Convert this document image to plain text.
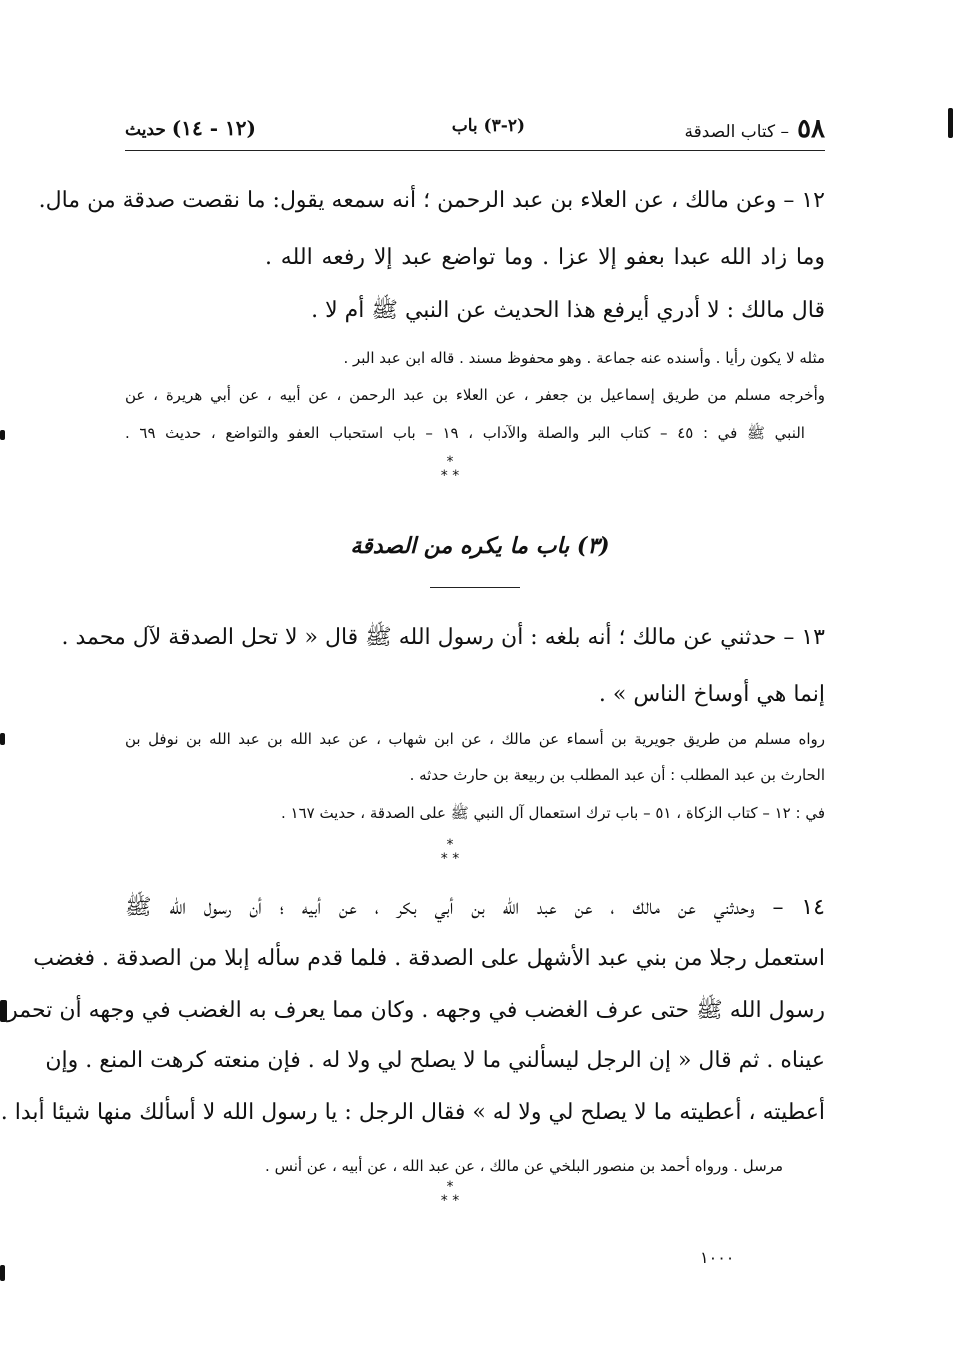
٥٨
– كتاب الصدقة
(٢-٣) باب
(١٢ - ١٤) حديث
١٢ – وعن مالك ، عن العلاء بن عبد الرحمن ؛ أنه سمعه يقول: ما نقصت صدقة من مال.
وما زاد الله عبدا بعفو إلا عزا . وما تواضع عبد إلا رفعه الله .
قال مالك : لا أدري أيرفع هذا الحديث عن النبي ﷺ أم لا .
مثله لا يكون رأيا . وأسنده عنه جماعة . وهو محفوظ مسند . قاله ابن عبد البر .
وأخرجه مسلم من طريق إسماعيل بن جعفر ، عن العلاء بن عبد الرحمن ، عن أبيه ، عن أبي هريرة ، عن
النبي ﷺ في : ٤٥ – كتاب البر والصلة والآداب ، ١٩ – باب استحباب العفو والتواضع ، حديث ٦٩ .
*
* *
(٣) باب ما يكره من الصدقة
١٣ – حدثني عن مالك ؛ أنه بلغه : أن رسول الله ﷺ قال « لا تحل الصدقة لآل محمد .
إنما هي أوساخ الناس » .
رواه مسلم من طريق جويرية بن أسماء عن مالك ، عن ابن شهاب ، عن عبد الله بن عبد الله بن نوفل بن
الحارث بن عبد المطلب : أن عبد المطلب بن ربيعة بن حارث حدثه .
في : ١٢ – كتاب الزكاة ، ٥١ – باب ترك استعمال آل النبي ﷺ على الصدقة ، حديث ١٦٧ .
*
* *
١٤ – وحدثني عن مالك ، عن عبد الله بن أبي بكر ، عن أبيه ؛ أن رسول الله ﷺ
استعمل رجلا من بني عبد الأشهل على الصدقة . فلما قدم سأله إبلا من الصدقة . فغضب
رسول الله ﷺ حتى عرف الغضب في وجهه . وكان مما يعرف به الغضب في وجهه أن تحمر
عيناه . ثم قال « إن الرجل ليسألني ما لا يصلح لي ولا له . فإن منعته كرهت المنع . وإن
أعطيته ، أعطيته ما لا يصلح لي ولا له » فقال الرجل : يا رسول الله لا أسألك منها شيئا أبدا .
مرسل . ورواه أحمد بن منصور البلخي عن مالك ، عن عبد الله ، عن أبيه ، عن أنس .
*
* *
١٠٠٠
